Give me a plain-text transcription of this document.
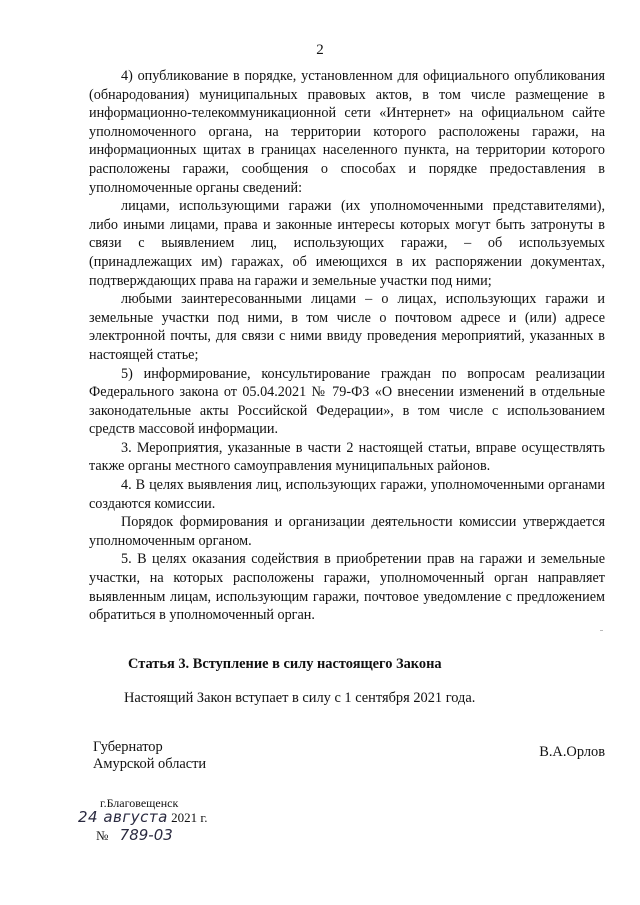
2

4) опубликование в порядке, установленном для официального опубликования (обнародования) муниципальных правовых актов, в том числе размещение в информационно-телекоммуникационной сети «Интернет» на официальном сайте уполномоченного органа, на территории которого расположены гаражи, на информационных щитах в границах населенного пункта, на территории которого расположены гаражи, сообщения о способах и порядке предоставления в уполномоченные органы сведений:

лицами, использующими гаражи (их уполномоченными представителями), либо иными лицами, права и законные интересы которых могут быть затронуты в связи с выявлением лиц, использующих гаражи, – об используемых (принадлежащих им) гаражах, об имеющихся в их распоряжении документах, подтверждающих права на гаражи и земельные участки под ними;

любыми заинтересованными лицами – о лицах, использующих гаражи и земельные участки под ними, в том числе о почтовом адресе и (или) адресе электронной почты, для связи с ними ввиду проведения мероприятий, указанных в настоящей статье;

5) информирование, консультирование граждан по вопросам реализации Федерального закона от 05.04.2021 № 79-ФЗ «О внесении изменений в отдельные законодательные акты Российской Федерации», в том числе с использованием средств массовой информации.

3. Мероприятия, указанные в части 2 настоящей статьи, вправе осуществлять также органы местного самоуправления муниципальных районов.

4. В целях выявления лиц, использующих гаражи, уполномоченными органами создаются комиссии.

Порядок формирования и организации деятельности комиссии утверждается уполномоченным органом.

5. В целях оказания содействия в приобретении прав на гаражи и земельные участки, на которых расположены гаражи, уполномоченный орган направляет выявленным лицам, использующим гаражи, почтовое уведомление с предложением обратиться в уполномоченный орган.

Статья 3. Вступление в силу настоящего Закона
Настоящий Закон вступает в силу с 1 сентября 2021 года.
Губернатор
Амурской области
В.А.Орлов
г.Благовещенск
24 августа 2021 г.
№ 789-03
